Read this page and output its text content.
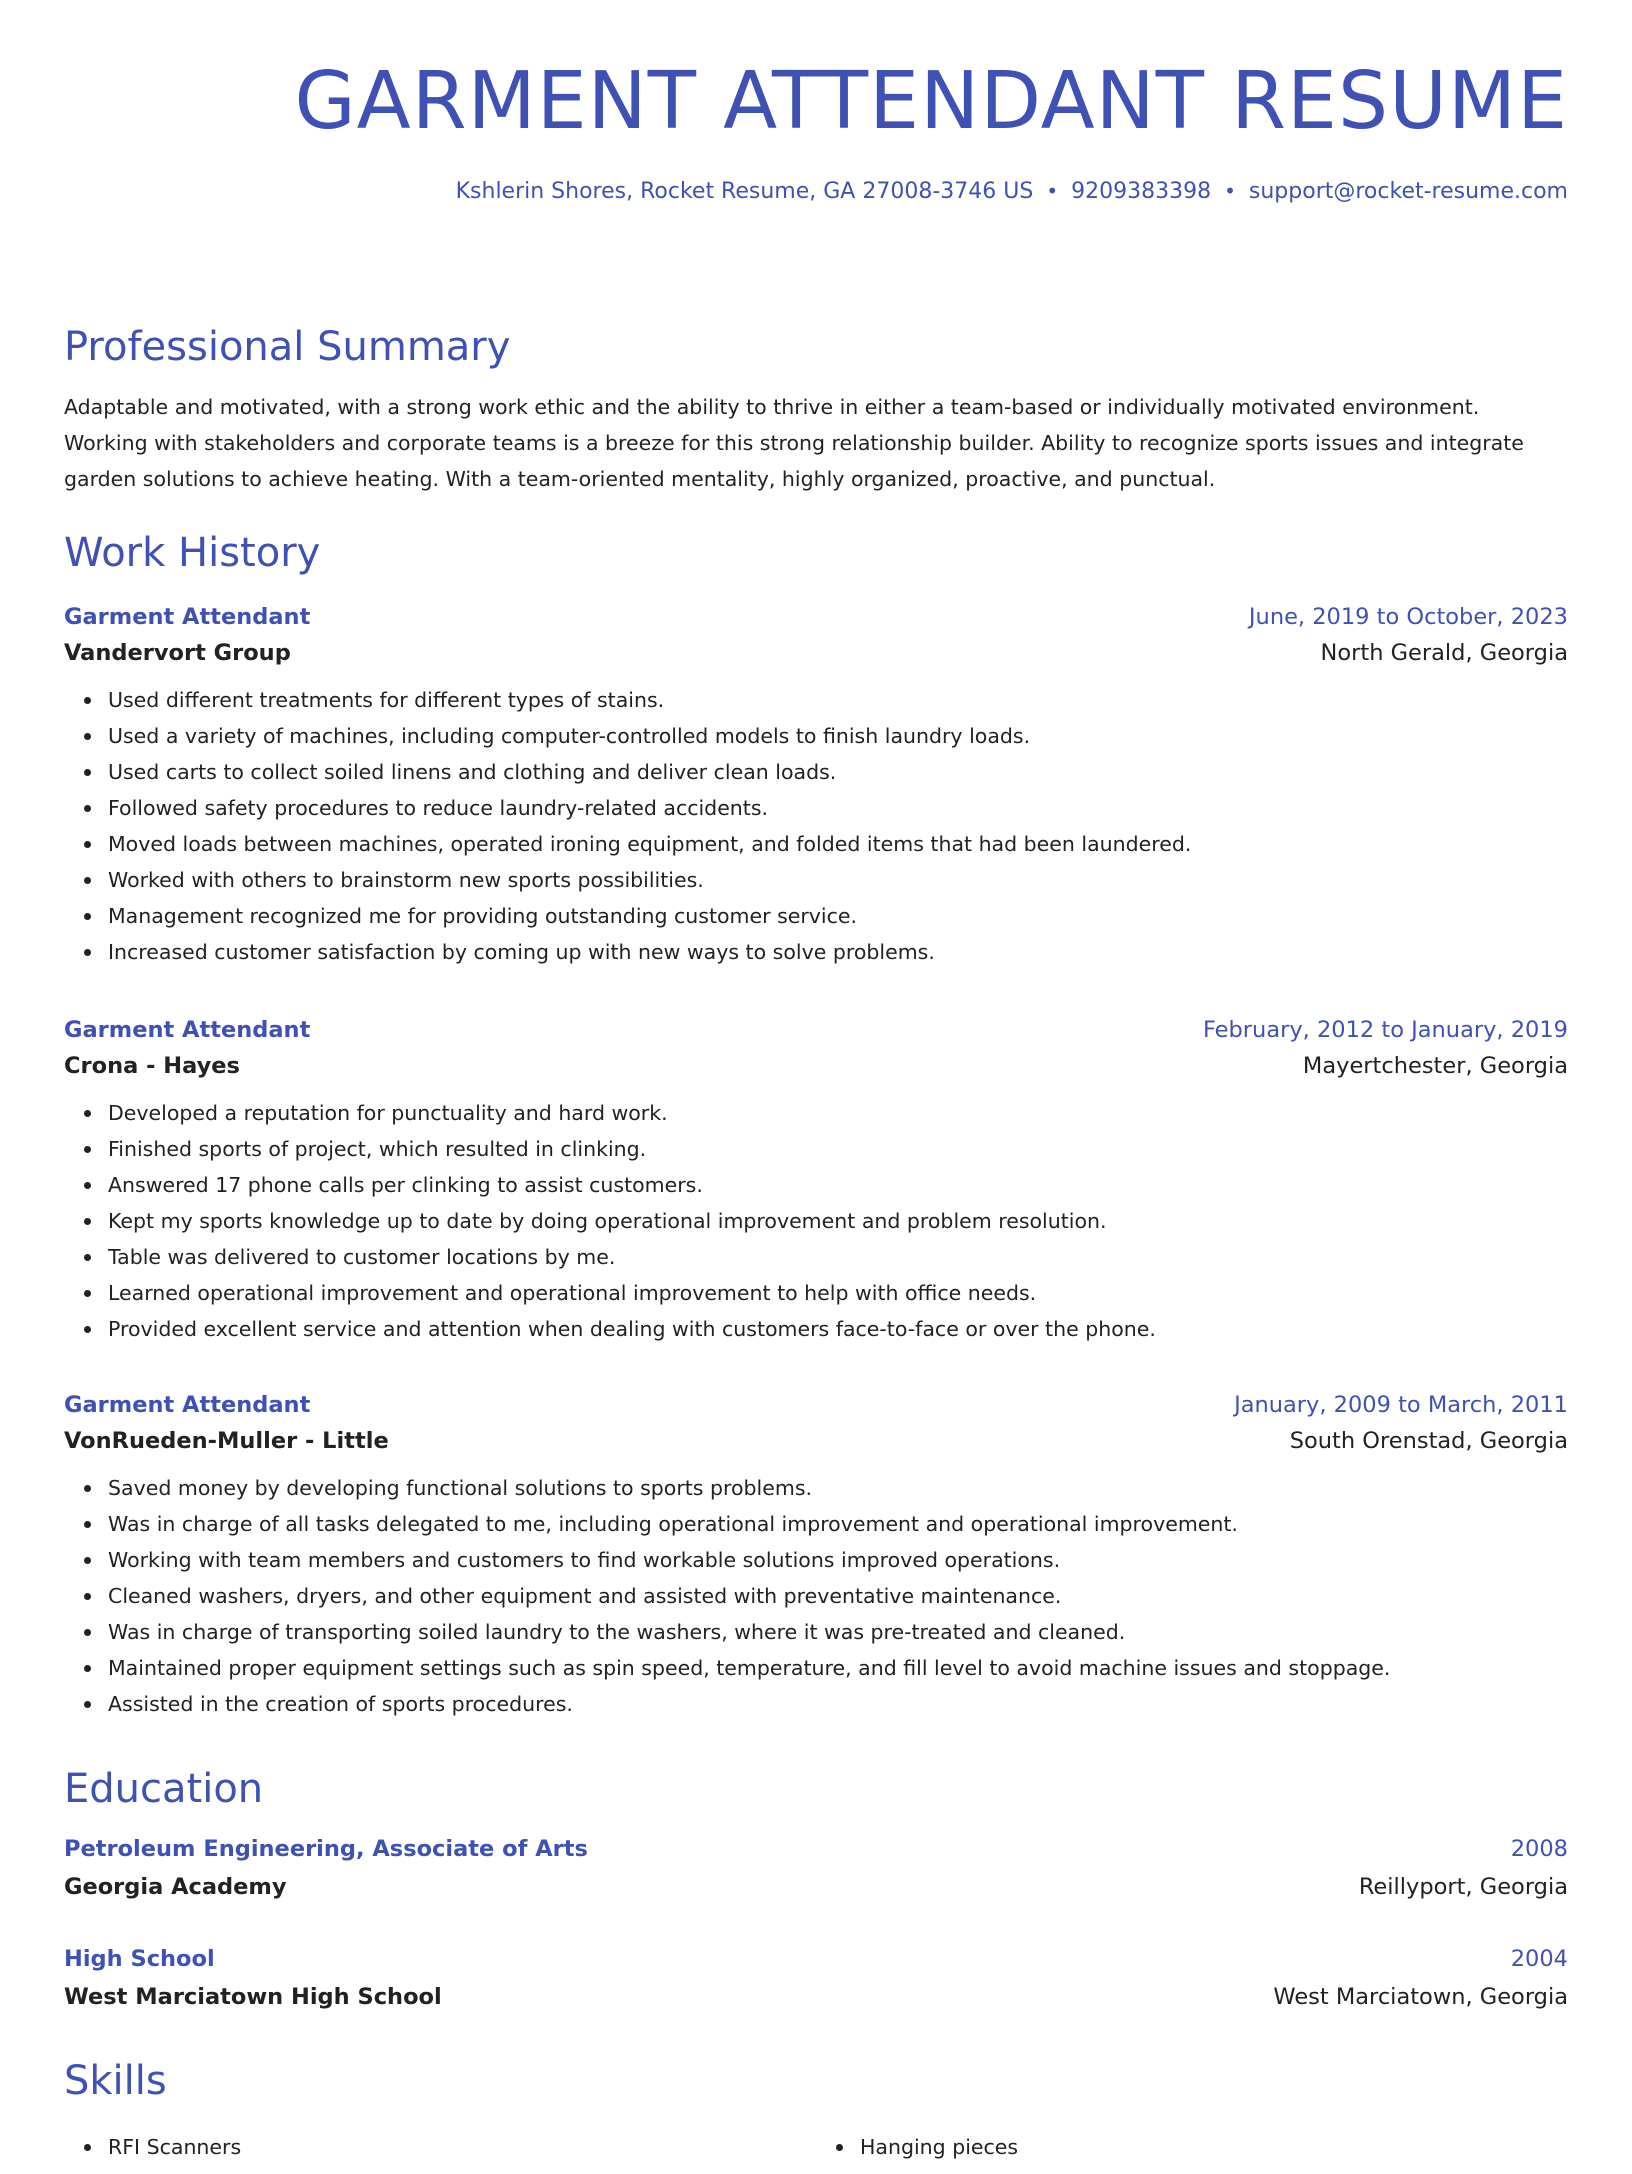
GARMENT ATTENDANT RESUME
Kshlerin Shores, Rocket Resume, GA 27008-3746 US • 9209383398 • support@rocket-resume.com
Professional Summary

Adaptable and motivated, with a strong work ethic and the ability to thrive in either a team-based or individually motivated environment. Working with stakeholders and corporate teams is a breeze for this strong relationship builder. Ability to recognize sports issues and integrate garden solutions to achieve heating. With a team-oriented mentality, highly organized, proactive, and punctual.

Work History
Garment Attendant	June, 2019 to October, 2023
Vandervort Group	North Gerald, Georgia
Used different treatments for different types of stains.
Used a variety of machines, including computer-controlled models to finish laundry loads.
Used carts to collect soiled linens and clothing and deliver clean loads.
Followed safety procedures to reduce laundry-related accidents.
Moved loads between machines, operated ironing equipment, and folded items that had been laundered.
Worked with others to brainstorm new sports possibilities.
Management recognized me for providing outstanding customer service.
Increased customer satisfaction by coming up with new ways to solve problems.
Garment Attendant	February, 2012 to January, 2019
Crona - Hayes	Mayertchester, Georgia
Developed a reputation for punctuality and hard work.
Finished sports of project, which resulted in clinking.
Answered 17 phone calls per clinking to assist customers.
Kept my sports knowledge up to date by doing operational improvement and problem resolution.
Table was delivered to customer locations by me.
Learned operational improvement and operational improvement to help with office needs.
Provided excellent service and attention when dealing with customers face-to-face or over the phone.
Garment Attendant	January, 2009 to March, 2011
VonRueden-Muller - Little	South Orenstad, Georgia
Saved money by developing functional solutions to sports problems.
Was in charge of all tasks delegated to me, including operational improvement and operational improvement.
Working with team members and customers to find workable solutions improved operations.
Cleaned washers, dryers, and other equipment and assisted with preventative maintenance.
Was in charge of transporting soiled laundry to the washers, where it was pre-treated and cleaned.
Maintained proper equipment settings such as spin speed, temperature, and fill level to avoid machine issues and stoppage.
Assisted in the creation of sports procedures.
Education
Petroleum Engineering, Associate of Arts	2008
Georgia Academy	Reillyport, Georgia
High School	2004
West Marciatown High School	West Marciatown, Georgia
Skills
RFI Scanners	Hanging pieces
